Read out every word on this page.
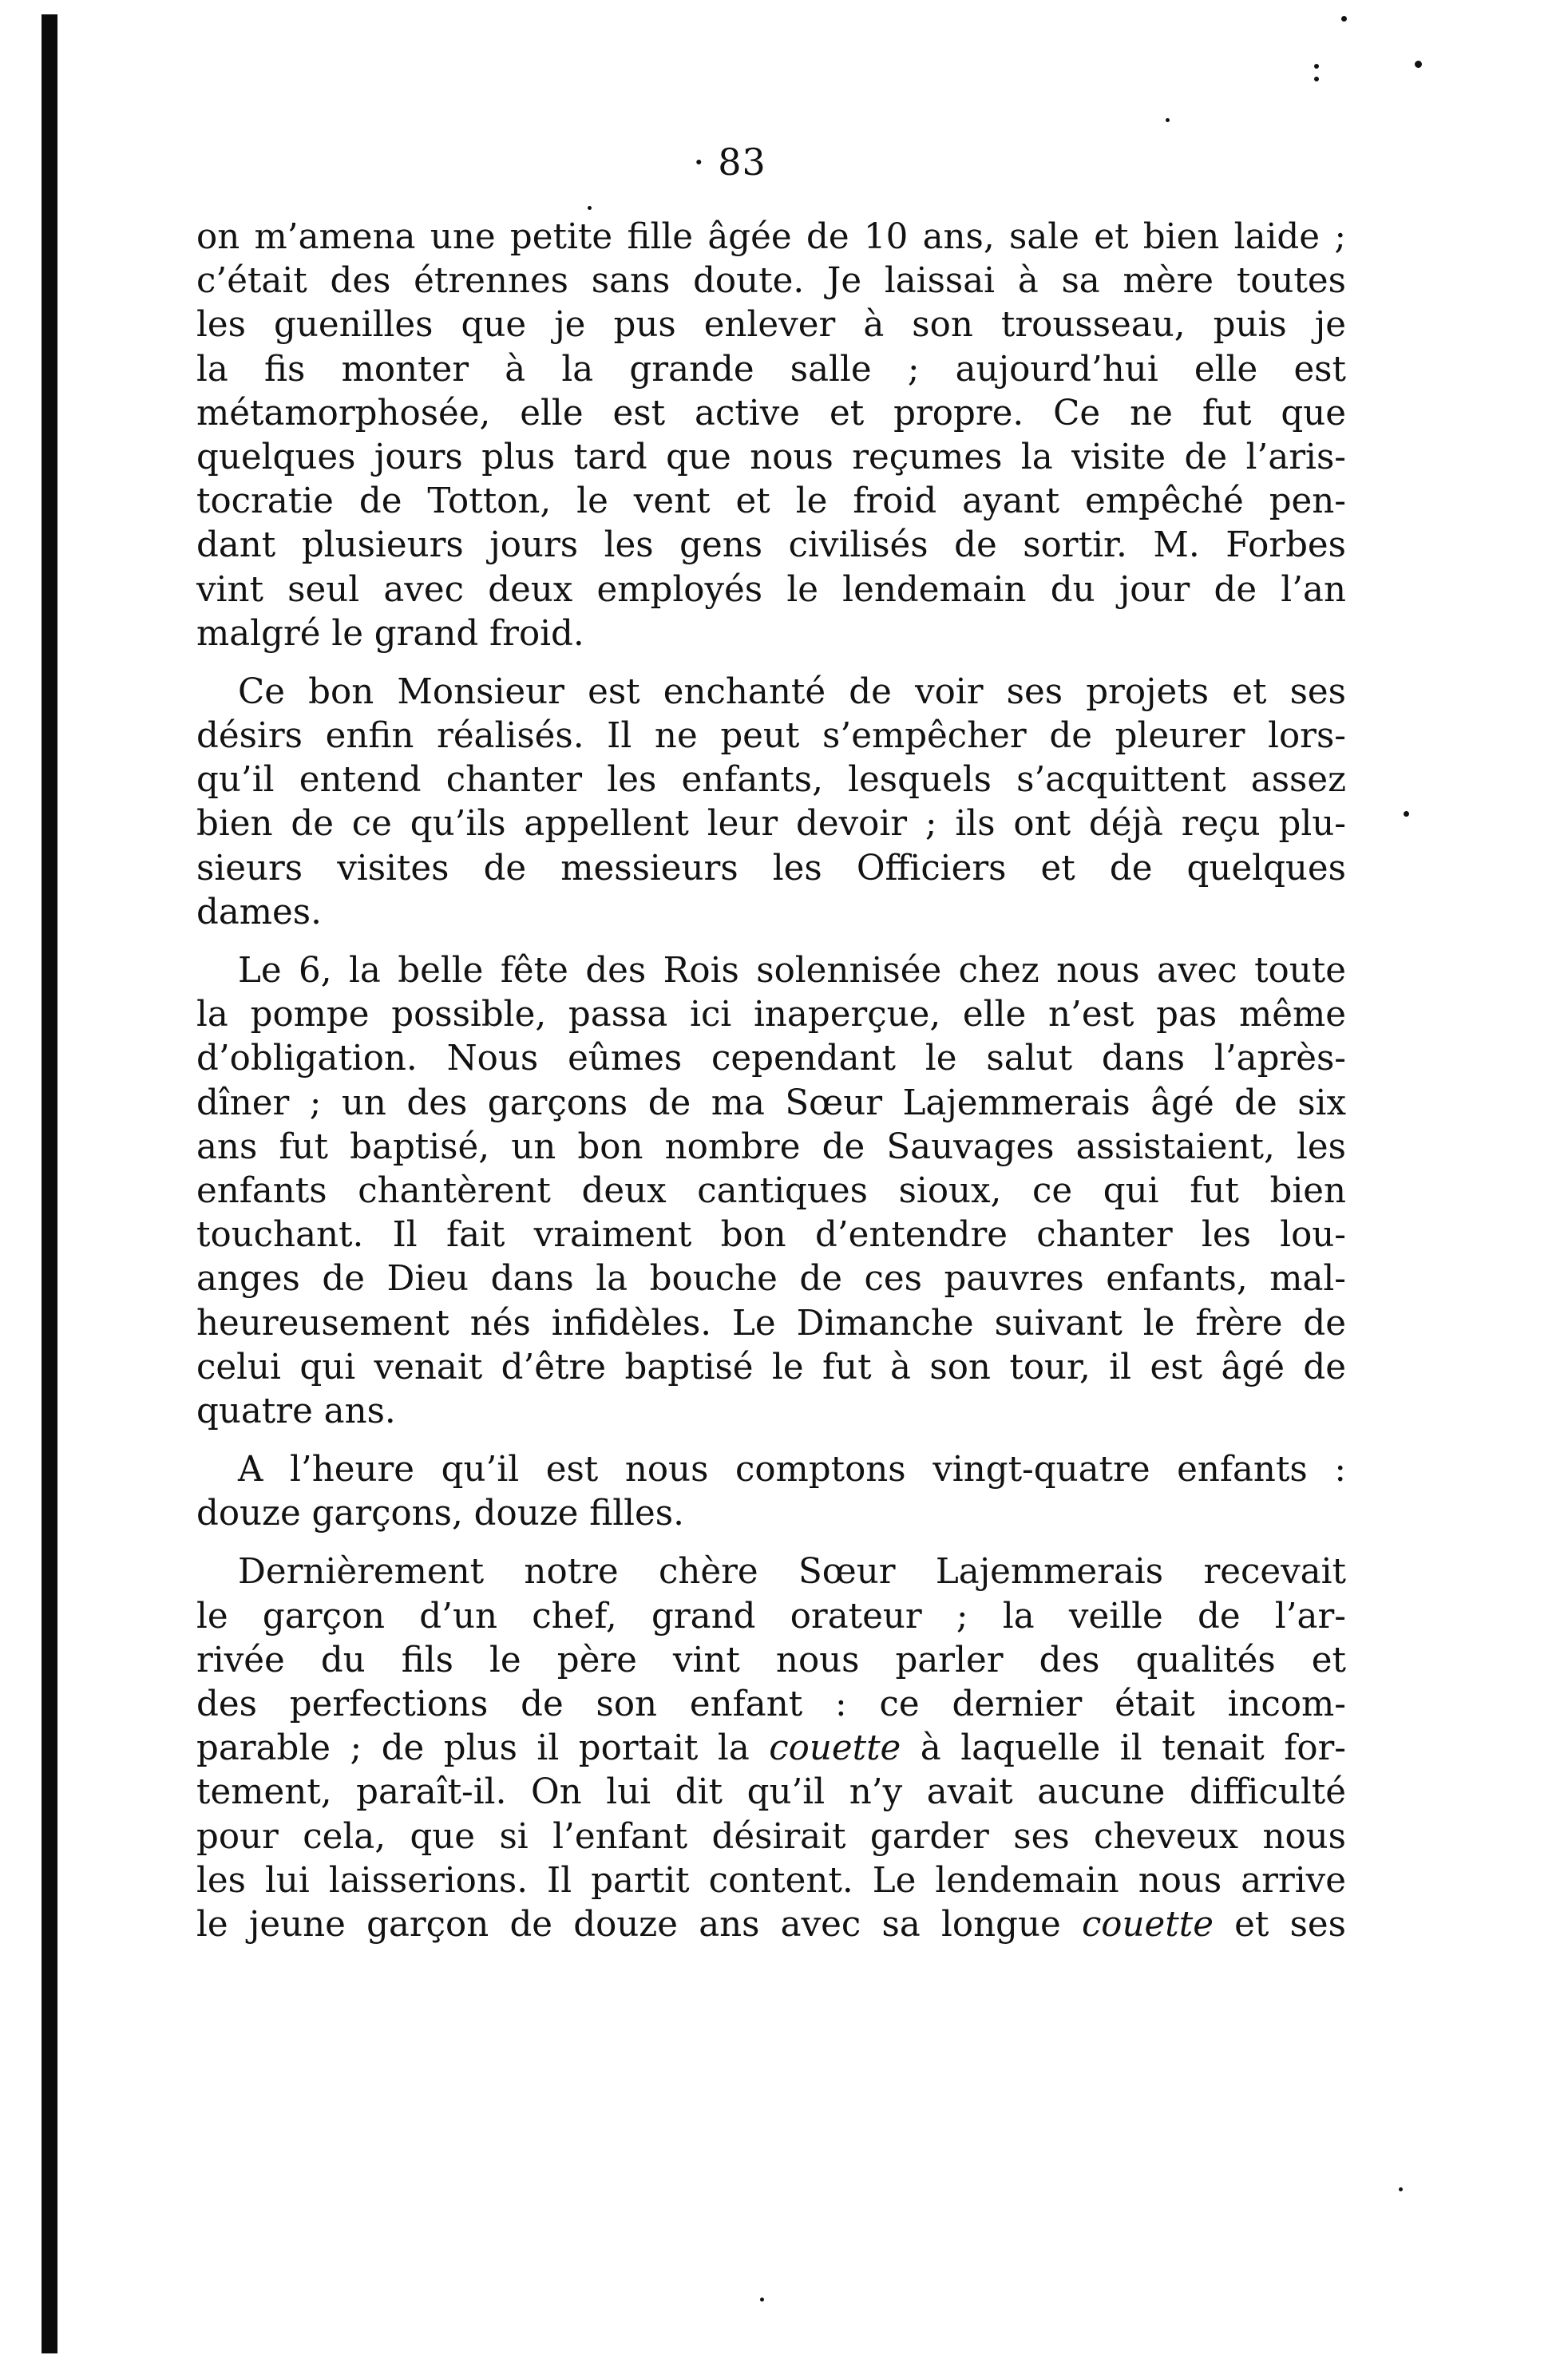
· 83
on m’amena une petite fille âgée de 10 ans, sale et bien laide ;
c’était des étrennes sans doute. Je laissai à sa mère toutes
les guenilles que je pus enlever à son trousseau, puis je
la fis monter à la grande salle ; aujourd’hui elle est
métamorphosée, elle est active et propre. Ce ne fut que
quelques jours plus tard que nous reçumes la visite de l’aris-
tocratie de Totton, le vent et le froid ayant empêché pen-
dant plusieurs jours les gens civilisés de sortir. M. Forbes
vint seul avec deux employés le lendemain du jour de l’an
malgré le grand froid.
Ce bon Monsieur est enchanté de voir ses projets et ses
désirs enfin réalisés. Il ne peut s’empêcher de pleurer lors-
qu’il entend chanter les enfants, lesquels s’acquittent assez
bien de ce qu’ils appellent leur devoir ; ils ont déjà reçu plu-
sieurs visites de messieurs les Officiers et de quelques
dames.
Le 6, la belle fête des Rois solennisée chez nous avec toute
la pompe possible, passa ici inaperçue, elle n’est pas même
d’obligation. Nous eûmes cependant le salut dans l’après-
dîner ; un des garçons de ma Sœur Lajemmerais âgé de six
ans fut baptisé, un bon nombre de Sauvages assistaient, les
enfants chantèrent deux cantiques sioux, ce qui fut bien
touchant. Il fait vraiment bon d’entendre chanter les lou-
anges de Dieu dans la bouche de ces pauvres enfants, mal-
heureusement nés infidèles. Le Dimanche suivant le frère de
celui qui venait d’être baptisé le fut à son tour, il est âgé de
quatre ans.
A l’heure qu’il est nous comptons vingt-quatre enfants :
douze garçons, douze filles.
Dernièrement notre chère Sœur Lajemmerais recevait
le garçon d’un chef, grand orateur ; la veille de l’ar-
rivée du fils le père vint nous parler des qualités et
des perfections de son enfant : ce dernier était incom-
parable ; de plus il portait la couette à laquelle il tenait for-
tement, paraît-il. On lui dit qu’il n’y avait aucune difficulté
pour cela, que si l’enfant désirait garder ses cheveux nous
les lui laisserions. Il partit content. Le lendemain nous arrive
le jeune garçon de douze ans avec sa longue couette et ses
